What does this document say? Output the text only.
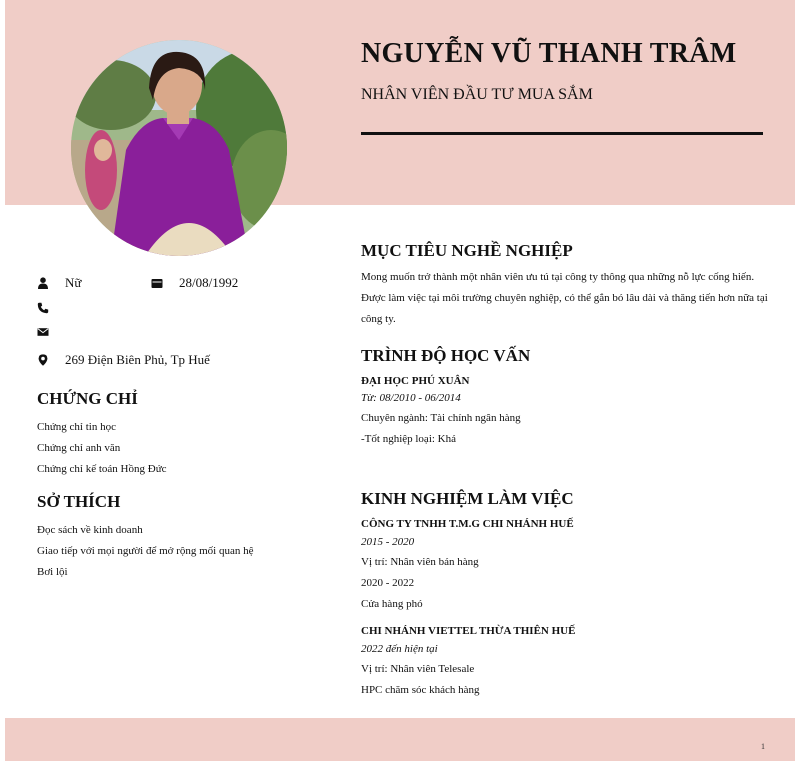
NGUYỄN VŨ THANH TRÂM
NHÂN VIÊN ĐẦU TƯ MUA SẮM
Nữ	28/08/1992
269 Điện Biên Phủ, Tp Huế
CHỨNG CHỈ
Chứng chỉ tin học
Chứng chỉ anh văn
Chứng chỉ kế toán Hồng Đức
SỞ THÍCH
Đọc sách về kinh doanh
Giao tiếp với mọi người để mở rộng mối quan hệ
Bơi lội
MỤC TIÊU NGHỀ NGHIỆP
Mong muốn trở thành một nhân viên ưu tú tại công ty thông qua những nỗ lực cống hiến. Được làm việc tại môi trường chuyên nghiệp, có thể gắn bó lâu dài và thăng tiến hơn nữa tại công ty.
TRÌNH ĐỘ HỌC VẤN
ĐẠI HỌC PHÚ XUÂN
Từ: 08/2010 - 06/2014
Chuyên ngành: Tài chính ngân hàng
-Tốt nghiệp loại: Khá
KINH NGHIỆM LÀM VIỆC
CÔNG TY TNHH T.M.G CHI NHÁNH HUẾ
2015 - 2020
Vị trí: Nhân viên bán hàng
2020 - 2022
Cửa hàng phó
CHI NHÁNH VIETTEL THỪA THIÊN HUẾ
2022 đến hiện tại
Vị trí: Nhân viên Telesale
HPC chăm sóc khách hàng
1
